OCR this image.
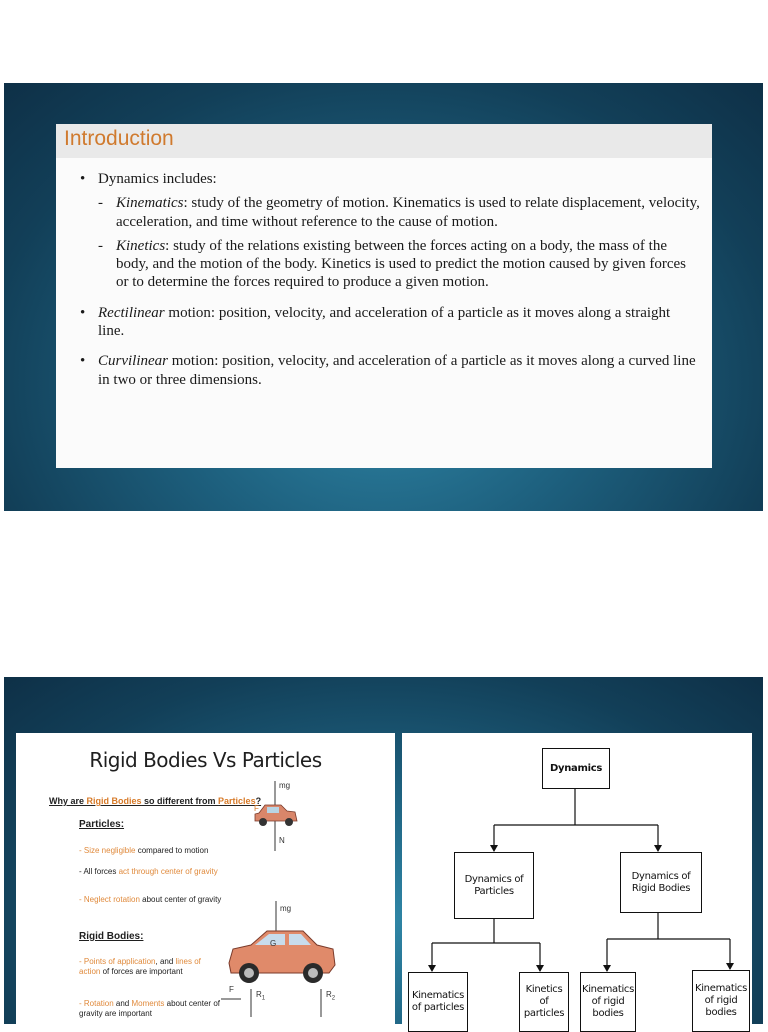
Introduction
• Dynamics includes:
- Kinematics: study of the geometry of motion. Kinematics is used to relate displacement, velocity, acceleration, and time without reference to the cause of motion.
- Kinetics: study of the relations existing between the forces acting on a body, the mass of the body, and the motion of the body. Kinetics is used to predict the motion caused by given forces or to determine the forces required to produce a given motion.
• Rectilinear motion: position, velocity, and acceleration of a particle as it moves along a straight line.
• Curvilinear motion: position, velocity, and acceleration of a particle as it moves along a curved line in two or three dimensions.
Rigid Bodies Vs Particles
Why are Rigid Bodies so different from Particles?
Particles:
- Size negligible compared to motion
- All forces act through center of gravity
- Neglect rotation about center of gravity
Rigid Bodies:
- Points of application, and lines of action of forces are important
- Rotation and Moments about center of gravity are important
mg
F
N
mg
G
F
$R_1$	$R_2$
Dynamics
Dynamics of Particles
Dynamics of Rigid Bodies
Kinematics of particles
Kinetics of particles
Kinematics of rigid bodies
Kinematics of rigid bodies
